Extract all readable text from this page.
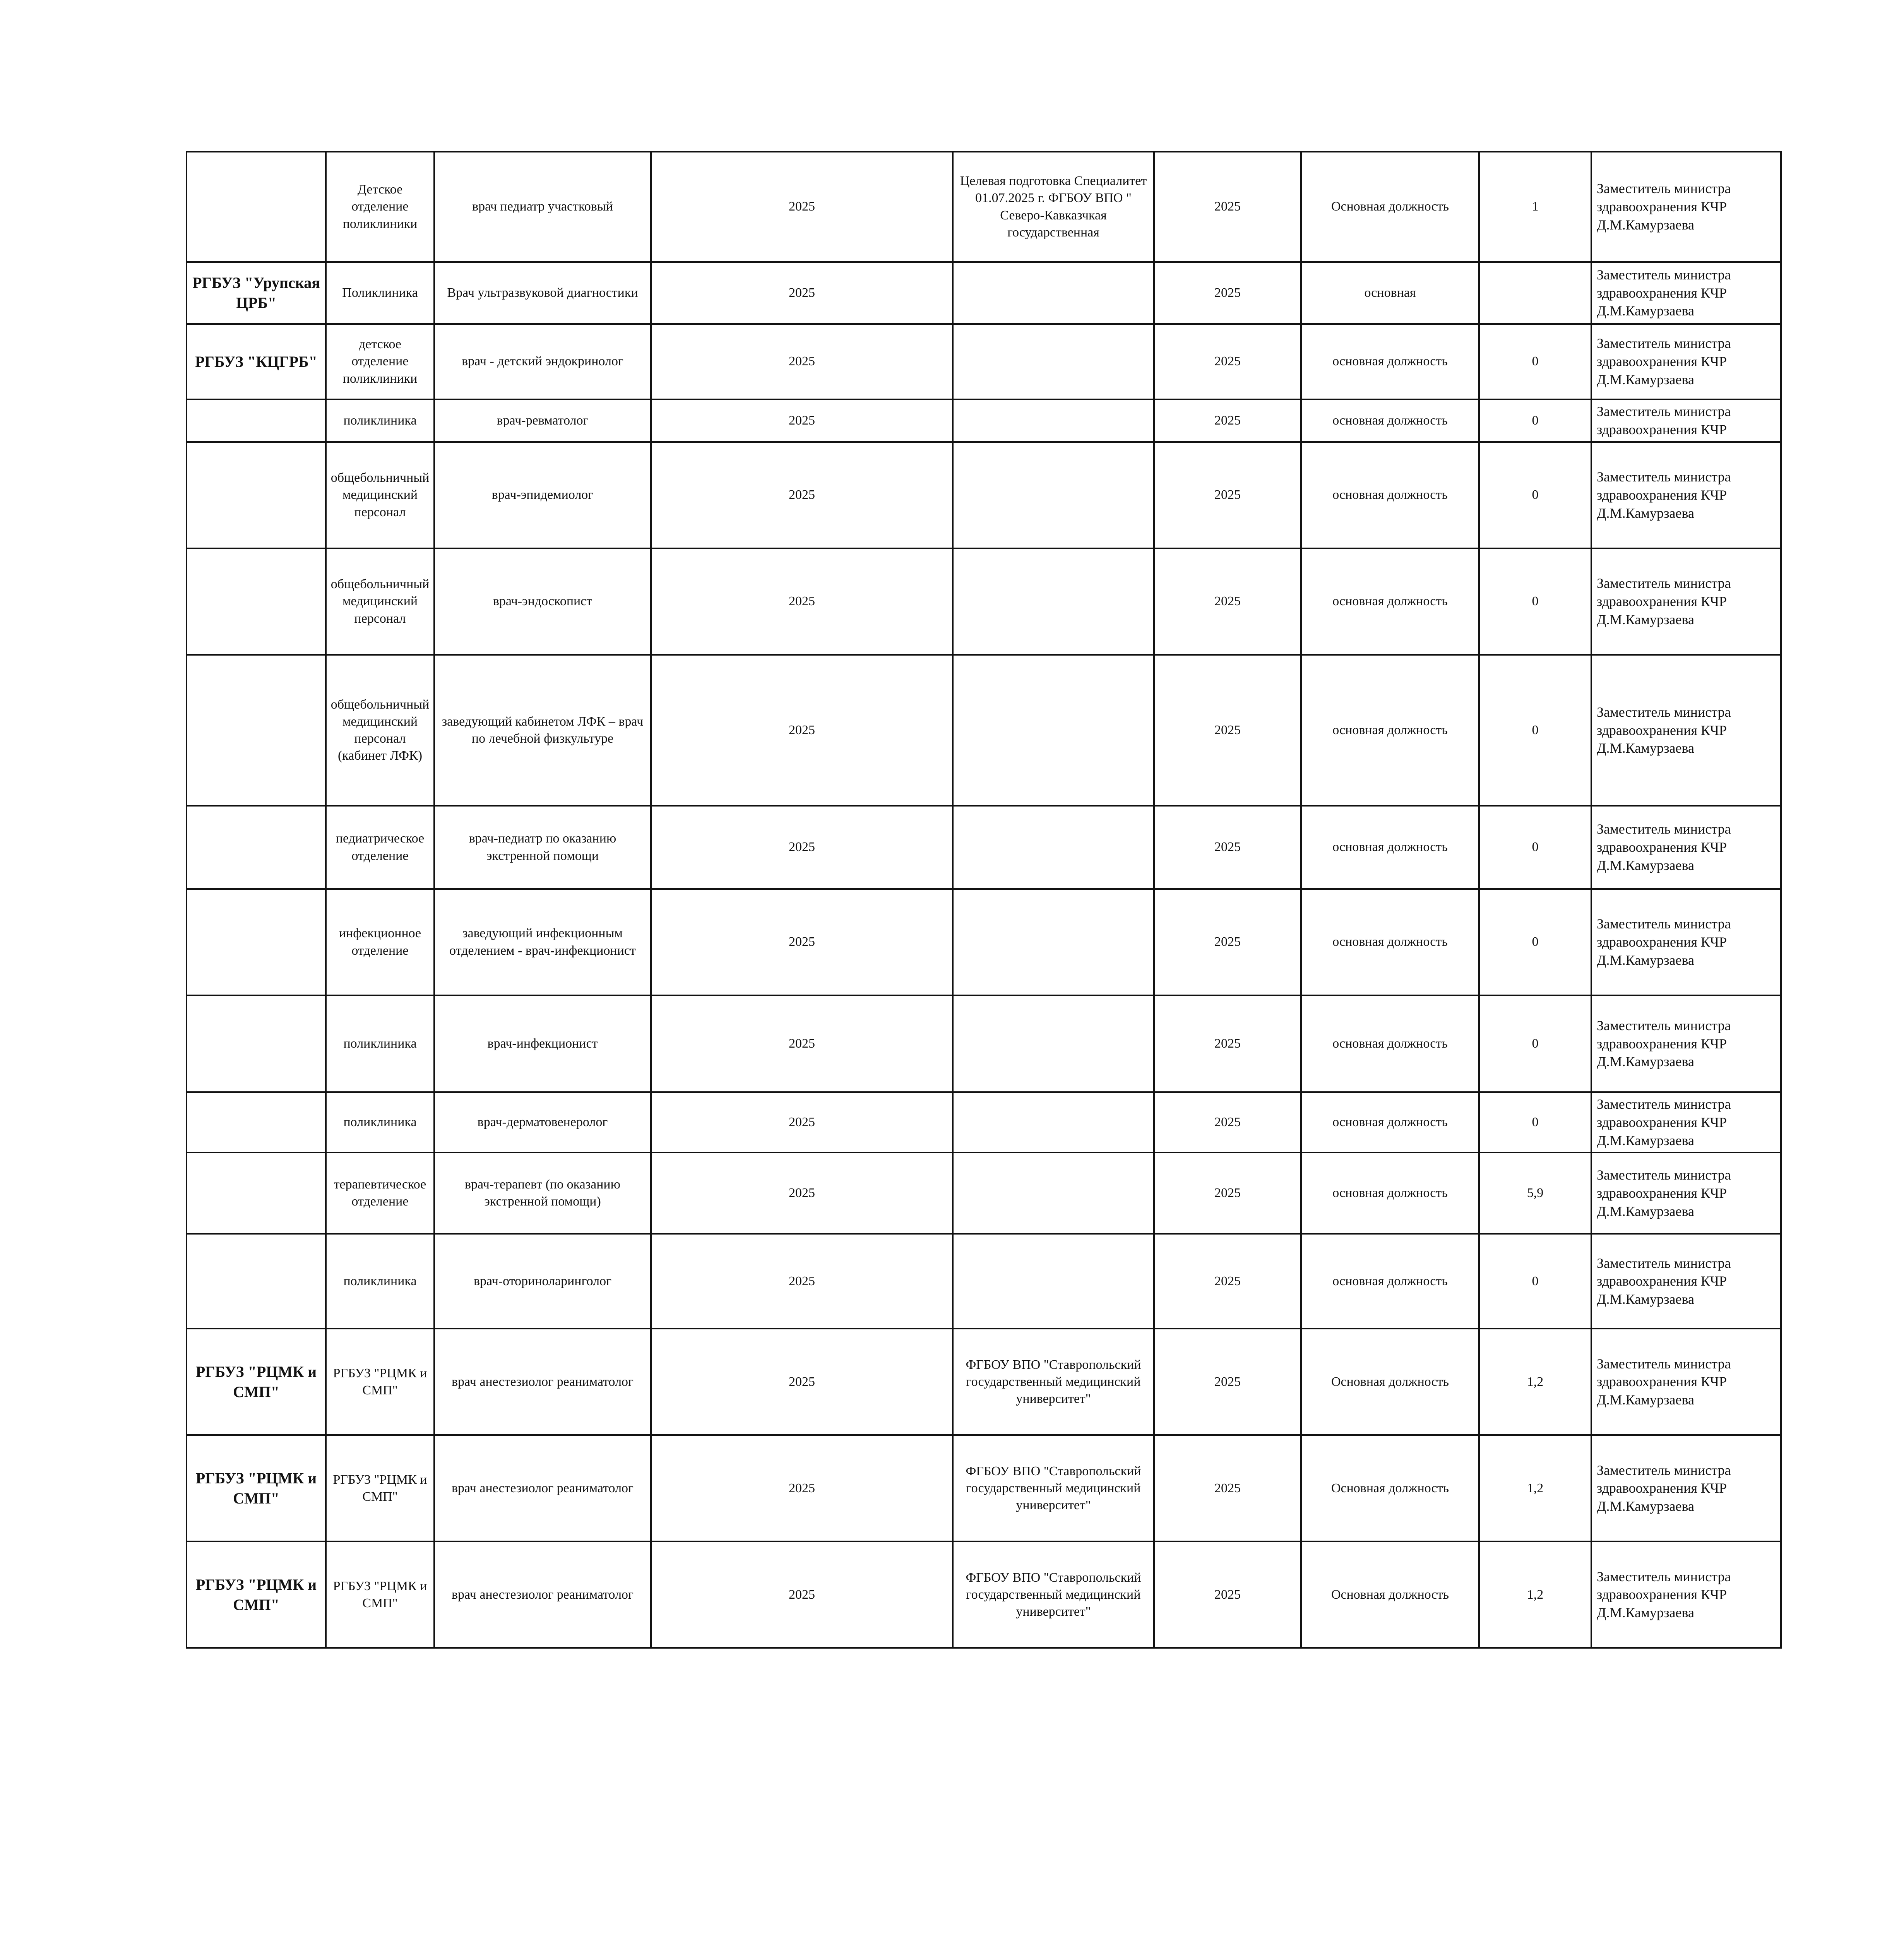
	Детское отделение поликлиники	врач педиатр участковый	2025	Целевая подготовка Специалитет 01.07.2025 г. ФГБОУ ВПО " Северо-Кавказчкая государственная	2025	Основная должность	1	Заместитель министра
здравоохранения КЧР
Д.М.Камурзаева

РГБУЗ "Урупская ЦРБ"	Поликлиника	Врач ультразвуковой диагностики	2025		2025	основная		Заместитель министра
здравоохранения КЧР
Д.М.Камурзаева

РГБУЗ "КЦГРБ"	детское отделение поликлиники	врач - детский эндокринолог	2025		2025	основная должность	0	Заместитель министра
здравоохранения КЧР
Д.М.Камурзаева

	поликлиника	врач-ревматолог	2025		2025	основная должность	0	Заместитель министра
здравоохранения КЧР

	общебольничный медицинский персонал	врач-эпидемиолог	2025		2025	основная должность	0	Заместитель министра
здравоохранения КЧР
Д.М.Камурзаева

	общебольничный медицинский персонал	врач-эндоскопист	2025		2025	основная должность	0	Заместитель министра
здравоохранения КЧР
Д.М.Камурзаева

	общебольничный медицинский персонал (кабинет ЛФК)	заведующий кабинетом ЛФК – врач по лечебной физкультуре	2025		2025	основная должность	0	Заместитель министра
здравоохранения КЧР
Д.М.Камурзаева

	педиатрическое отделение	врач-педиатр по оказанию экстренной помощи	2025		2025	основная должность	0	Заместитель министра
здравоохранения КЧР
Д.М.Камурзаева

	инфекционное отделение	заведующий инфекционным отделением - врач-инфекционист	2025		2025	основная должность	0	Заместитель министра
здравоохранения КЧР
Д.М.Камурзаева

	поликлиника	врач-инфекционист	2025		2025	основная должность	0	Заместитель министра
здравоохранения КЧР
Д.М.Камурзаева

	поликлиника	врач-дерматовенеролог	2025		2025	основная должность	0	Заместитель министра
здравоохранения КЧР
Д.М.Камурзаева

	терапевтическое отделение	врач-терапевт (по оказанию экстренной помощи)	2025		2025	основная должность	5,9	Заместитель министра
здравоохранения КЧР
Д.М.Камурзаева

	поликлиника	врач-оториноларинголог	2025		2025	основная должность	0	Заместитель министра
здравоохранения КЧР
Д.М.Камурзаева

РГБУЗ "РЦМК и СМП"	РГБУЗ "РЦМК и СМП"	врач анестезиолог реаниматолог	2025	ФГБОУ ВПО "Ставропольский государственный медицинский университет"	2025	Основная должность	1,2	Заместитель министра
здравоохранения КЧР
Д.М.Камурзаева

РГБУЗ "РЦМК и СМП"	РГБУЗ "РЦМК и СМП"	врач анестезиолог реаниматолог	2025	ФГБОУ ВПО "Ставропольский государственный медицинский университет"	2025	Основная должность	1,2	Заместитель министра
здравоохранения КЧР
Д.М.Камурзаева

РГБУЗ "РЦМК и СМП"	РГБУЗ "РЦМК и СМП"	врач анестезиолог реаниматолог	2025	ФГБОУ ВПО "Ставропольский государственный медицинский университет"	2025	Основная должность	1,2	Заместитель министра
здравоохранения КЧР
Д.М.Камурзаева
